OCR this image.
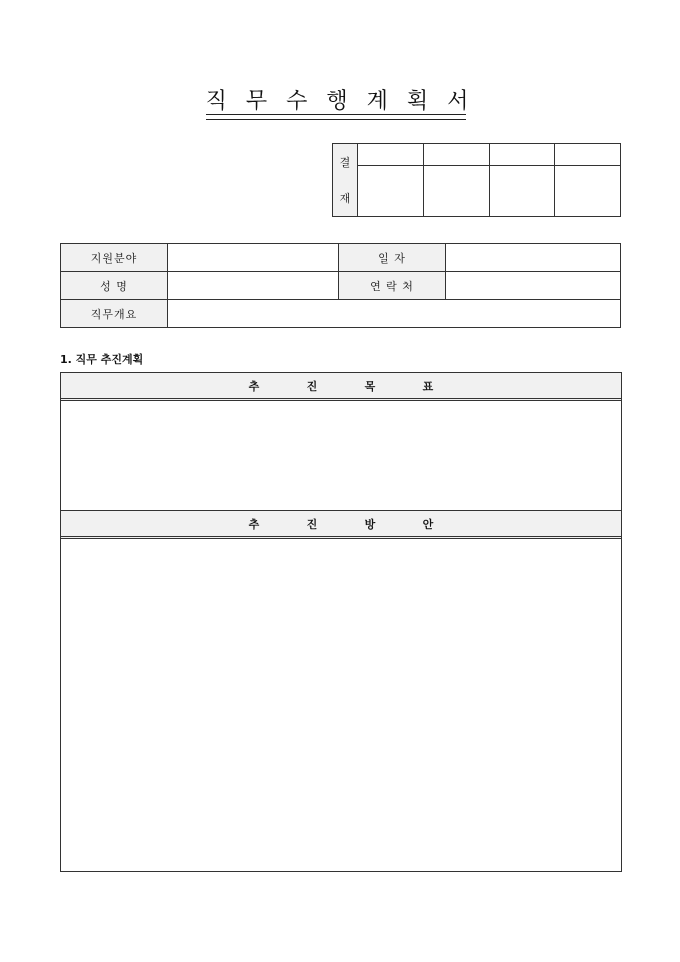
직 무 수 행 계 획 서
결
재				

지원분야		일 자	
성 명		연 락 처	
직무개요			
1. 직무 추진계획
추	진	목	표
추	진	방	안
